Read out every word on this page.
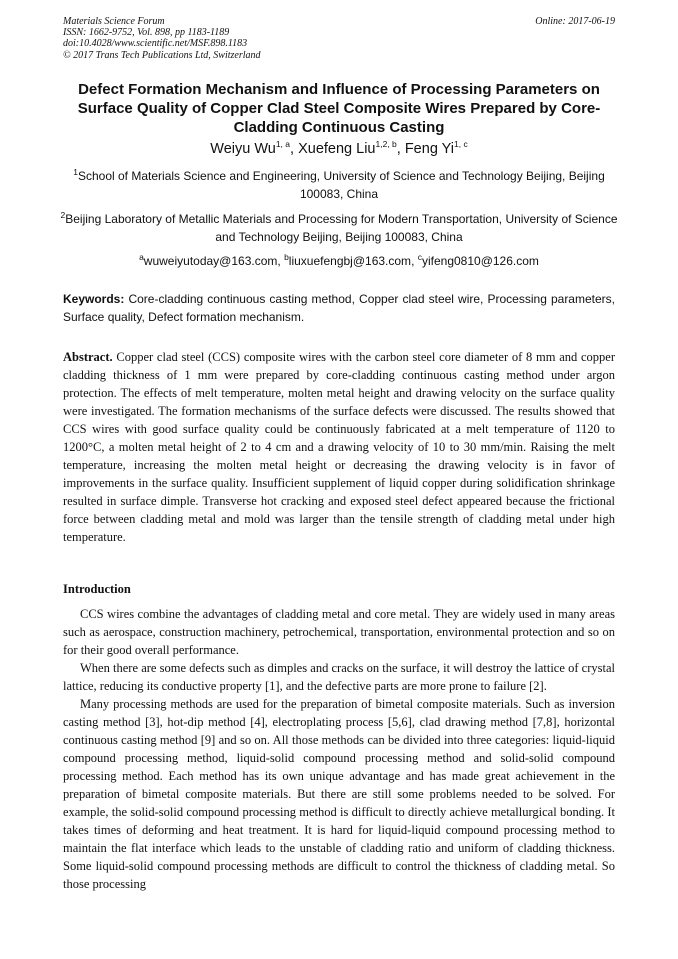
Materials Science Forum
ISSN: 1662-9752, Vol. 898, pp 1183-1189
doi:10.4028/www.scientific.net/MSF.898.1183
© 2017 Trans Tech Publications Ltd, Switzerland
Online: 2017-06-19
Defect Formation Mechanism and Influence of Processing Parameters on Surface Quality of Copper Clad Steel Composite Wires Prepared by Core-Cladding Continuous Casting
Weiyu Wu$^{1, a}$, Xuefeng Liu$^{1,2, b}$, Feng Yi$^{1, c}$
$^1$School of Materials Science and Engineering, University of Science and Technology Beijing, Beijing 100083, China
$^2$Beijing Laboratory of Metallic Materials and Processing for Modern Transportation, University of Science and Technology Beijing, Beijing 100083, China
$^a$wuweiyutoday@163.com, $^b$liuxuefengbj@163.com, $^c$yifeng0810@126.com
Keywords: Core-cladding continuous casting method, Copper clad steel wire, Processing parameters, Surface quality, Defect formation mechanism.
Abstract. Copper clad steel (CCS) composite wires with the carbon steel core diameter of 8 mm and copper cladding thickness of 1 mm were prepared by core-cladding continuous casting method under argon protection. The effects of melt temperature, molten metal height and drawing velocity on the surface quality were investigated. The formation mechanisms of the surface defects were discussed. The results showed that CCS wires with good surface quality could be continuously fabricated at a melt temperature of 1120 to 1200°C, a molten metal height of 2 to 4 cm and a drawing velocity of 10 to 30 mm/min. Raising the melt temperature, increasing the molten metal height or decreasing the drawing velocity is in favor of improvements in the surface quality. Insufficient supplement of liquid copper during solidification shrinkage resulted in surface dimple. Transverse hot cracking and exposed steel defect appeared because the frictional force between cladding metal and mold was larger than the tensile strength of cladding metal under high temperature.
Introduction

CCS wires combine the advantages of cladding metal and core metal. They are widely used in many areas such as aerospace, construction machinery, petrochemical, transportation, environmental protection and so on for their good overall performance.

When there are some defects such as dimples and cracks on the surface, it will destroy the lattice of crystal lattice, reducing its conductive property [1], and the defective parts are more prone to failure [2].

Many processing methods are used for the preparation of bimetal composite materials. Such as inversion casting method [3], hot-dip method [4], electroplating process [5,6], clad drawing method [7,8], horizontal continuous casting method [9] and so on. All those methods can be divided into three categories: liquid-liquid compound processing method, liquid-solid compound processing method and solid-solid compound processing method. Each method has its own unique advantage and has made great achievement in the preparation of bimetal composite materials. But there are still some problems needed to be solved. For example, the solid-solid compound processing method is difficult to directly achieve metallurgical bonding. It takes times of deforming and heat treatment. It is hard for liquid-liquid compound processing method to maintain the flat interface which leads to the unstable of cladding ratio and uniform of cladding thickness. Some liquid-solid compound processing methods are difficult to control the thickness of cladding metal. So those processing
